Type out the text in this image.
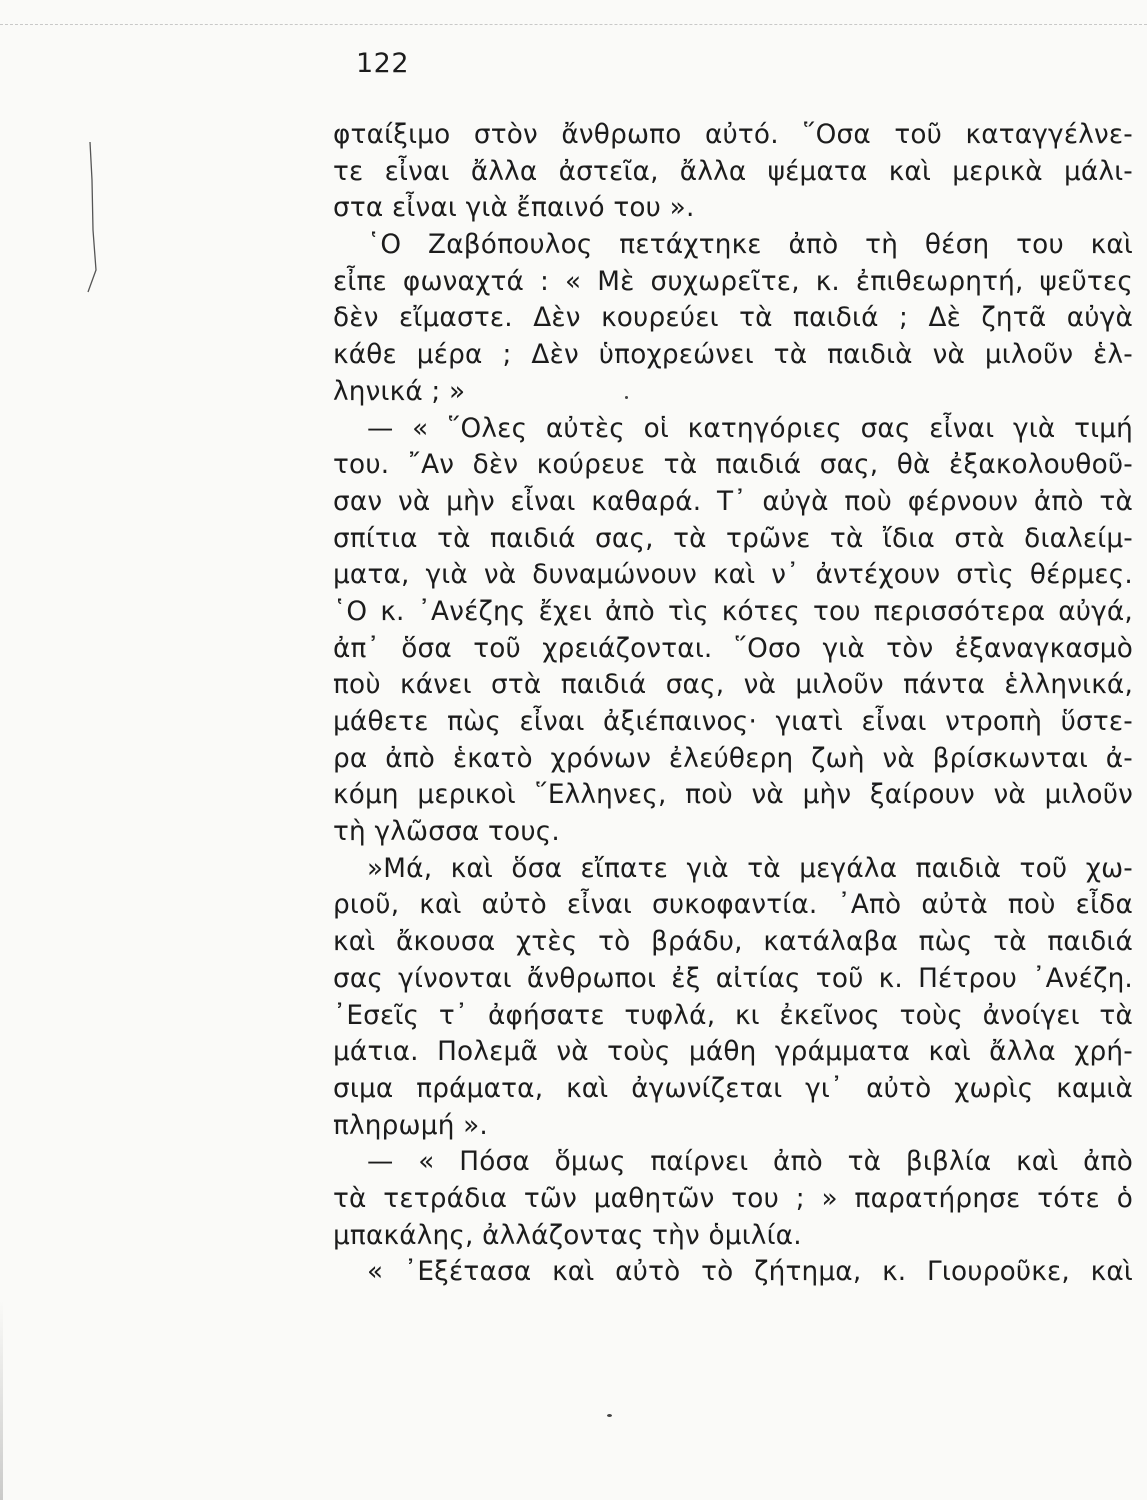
122

φταίξιμο στὸν ἄνθρωπο αὐτό. ῞Οσα τοῦ καταγγέλνε-
τε εἶναι ἄλλα ἀστεῖα, ἄλλα ψέματα καὶ μερικὰ μάλι-
στα εἶναι γιὰ ἔπαινό του ».
῾Ο Ζαβόπουλος πετάχτηκε ἀπὸ τὴ θέση του καὶ
εἶπε φωναχτά : « Μὲ συχωρεῖτε, κ. ἐπιθεωρητή, ψεῦτες
δὲν εἴμαστε. Δὲν κουρεύει τὰ παιδιά ; Δὲ ζητᾶ αὐγὰ
κάθε μέρα ; Δὲν ὑποχρεώνει τὰ παιδιὰ νὰ μιλοῦν ἑλ-
ληνικά ; »
— « ῞Ολες αὐτὲς οἱ κατηγόριες σας εἶναι γιὰ τιμή
του. ῎Αν δὲν κούρευε τὰ παιδιά σας, θὰ ἐξακολουθοῦ-
σαν νὰ μὴν εἶναι καθαρά. Τ᾽ αὐγὰ ποὺ φέρνουν ἀπὸ τὰ
σπίτια τὰ παιδιά σας, τὰ τρῶνε τὰ ἴδια στὰ διαλείμ-
ματα, γιὰ νὰ δυναμώνουν καὶ ν᾽ ἀντέχουν στὶς θέρμες.
῾Ο κ. ᾽Ανέζης ἔχει ἀπὸ τὶς κότες του περισσότερα αὐγά,
ἀπ᾽ ὅσα τοῦ χρειάζονται. ῞Οσο γιὰ τὸν ἐξαναγκασμὸ
ποὺ κάνει στὰ παιδιά σας, νὰ μιλοῦν πάντα ἑλληνικά,
μάθετε πὼς εἶναι ἀξιέπαινος· γιατὶ εἶναι ντροπὴ ὕστε-
ρα ἀπὸ ἑκατὸ χρόνων ἐλεύθερη ζωὴ νὰ βρίσκωνται ἀ-
κόμη μερικοὶ ῞Ελληνες, ποὺ νὰ μὴν ξαίρουν νὰ μιλοῦν
τὴ γλῶσσα τους.
»Μά, καὶ ὅσα εἴπατε γιὰ τὰ μεγάλα παιδιὰ τοῦ χω-
ριοῦ, καὶ αὐτὸ εἶναι συκοφαντία. ᾽Απὸ αὐτὰ ποὺ εἶδα
καὶ ἄκουσα χτὲς τὸ βράδυ, κατάλαβα πὼς τὰ παιδιά
σας γίνονται ἄνθρωποι ἐξ αἰτίας τοῦ κ. Πέτρου ᾽Ανέζη.
᾽Εσεῖς τ᾽ ἀφήσατε τυφλά, κι ἐκεῖνος τοὺς ἀνοίγει τὰ
μάτια. Πολεμᾶ νὰ τοὺς μάθη γράμματα καὶ ἄλλα χρή-
σιμα πράματα, καὶ ἀγωνίζεται γι᾽ αὐτὸ χωρὶς καμιὰ
πληρωμή ».
— « Πόσα ὅμως παίρνει ἀπὸ τὰ βιβλία καὶ ἀπὸ
τὰ τετράδια τῶν μαθητῶν του ; » παρατήρησε τότε ὁ
μπακάλης, ἀλλάζοντας τὴν ὁμιλία.
« ᾽Εξέτασα καὶ αὐτὸ τὸ ζήτημα, κ. Γιουροῦκε, καὶ
